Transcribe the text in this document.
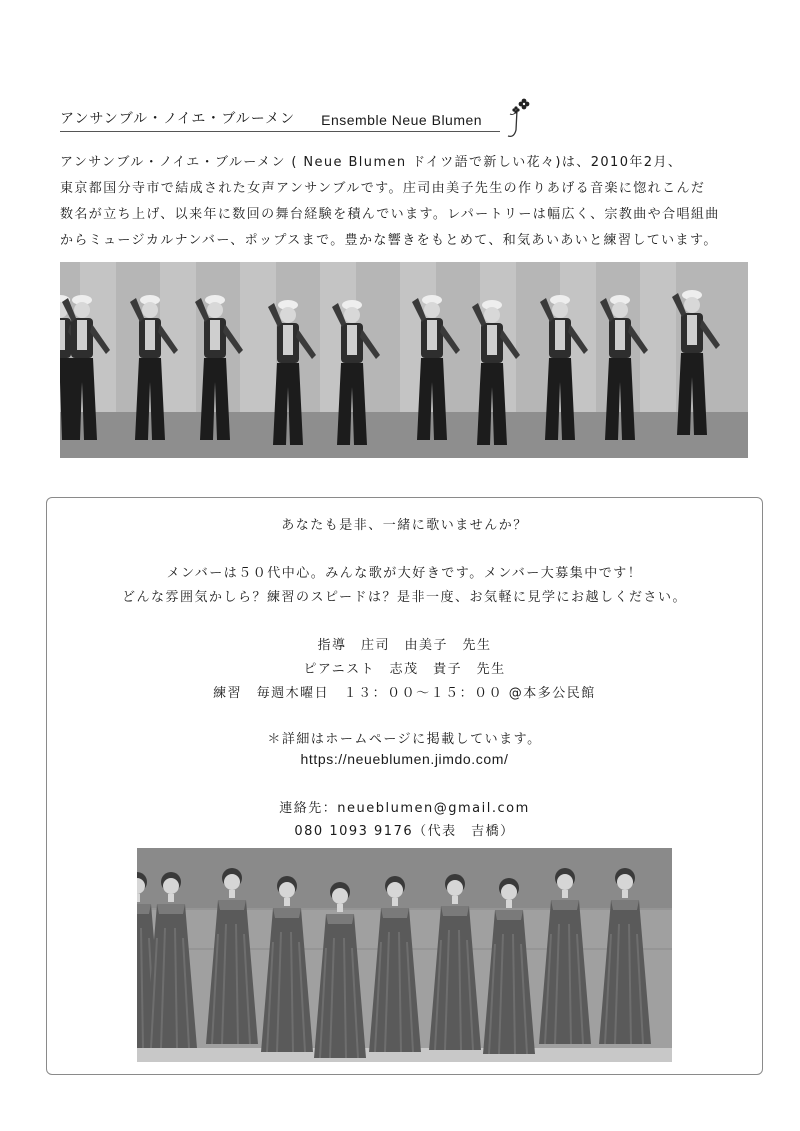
アンサンブル・ノイエ・ブルーメン Ensemble Neue Blumen

アンサンブル・ノイエ・ブルーメン ( Neue Blumen ドイツ語で新しい花々)は、2010年2月、

東京都国分寺市で結成された女声アンサンブルです。庄司由美子先生の作りあげる音楽に惚れこんだ

数名が立ち上げ、以来年に数回の舞台経験を積んでいます。レパートリーは幅広く、宗教曲や合唱組曲

からミュージカルナンバー、ポップスまで。豊かな響きをもとめて、和気あいあいと練習しています。

あなたも是非、一緒に歌いませんか？
メンバーは５０代中心。みんな歌が大好きです。メンバー大募集中です！
どんな雰囲気かしら？練習のスピードは？是非一度、お気軽に見学にお越しください。
指導　庄司　由美子　先生
ピアニスト　志茂　貴子　先生
練習　毎週木曜日　１３：００～１５：００ @本多公民館
＊詳細はホームページに掲載しています。
https://neueblumen.jimdo.com/
連絡先：neueblumen@gmail.com
080 1093 9176（代表　吉橋）
